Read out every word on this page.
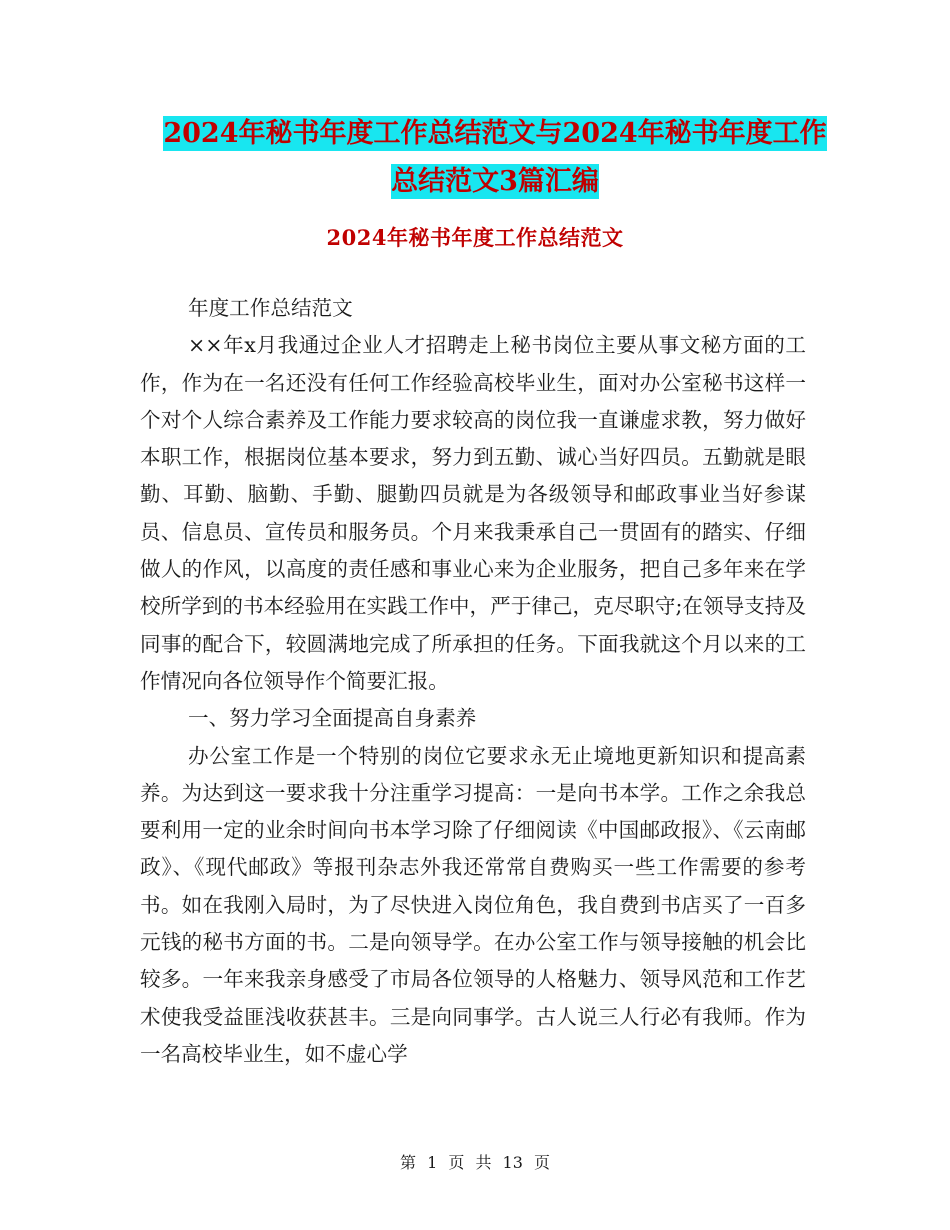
2024年秘书年度工作总结范文与2024年秘书年度工作
总结范文3篇汇编
2024年秘书年度工作总结范文

年度工作总结范文

××年x月我通过企业人才招聘走上秘书岗位主要从事文秘方面的工作，作为在一名还没有任何工作经验高校毕业生，面对办公室秘书这样一个对个人综合素养及工作能力要求较高的岗位我一直谦虚求教，努力做好本职工作，根据岗位基本要求，努力到五勤、诚心当好四员。五勤就是眼勤、耳勤、脑勤、手勤、腿勤四员就是为各级领导和邮政事业当好参谋员、信息员、宣传员和服务员。个月来我秉承自己一贯固有的踏实、仔细做人的作风，以高度的责任感和事业心来为企业服务，把自己多年来在学校所学到的书本经验用在实践工作中，严于律己，克尽职守;在领导支持及同事的配合下，较圆满地完成了所承担的任务。下面我就这个月以来的工作情况向各位领导作个简要汇报。

一、努力学习全面提高自身素养

办公室工作是一个特别的岗位它要求永无止境地更新知识和提高素养。为达到这一要求我十分注重学习提高：一是向书本学。工作之余我总要利用一定的业余时间向书本学习除了仔细阅读《中国邮政报》、《云南邮政》、《现代邮政》等报刊杂志外我还常常自费购买一些工作需要的参考书。如在我刚入局时，为了尽快进入岗位角色，我自费到书店买了一百多元钱的秘书方面的书。二是向领导学。在办公室工作与领导接触的机会比较多。一年来我亲身感受了市局各位领导的人格魅力、领导风范和工作艺术使我受益匪浅收获甚丰。三是向同事学。古人说三人行必有我师。作为一名高校毕业生，如不虚心学

第 1 页 共 13 页
